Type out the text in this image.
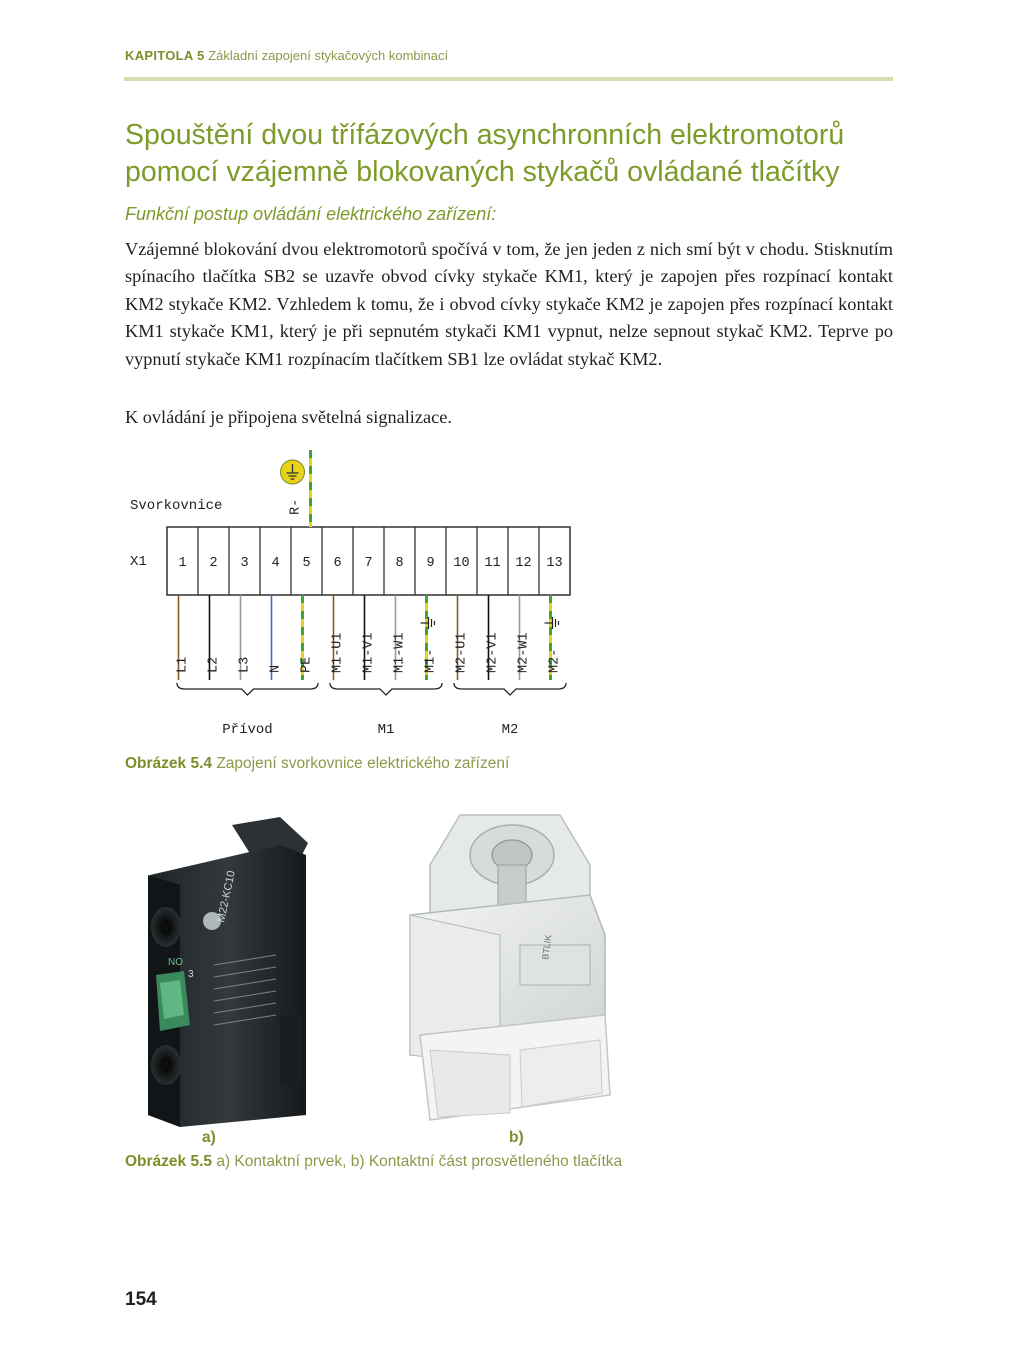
KAPITOLA 5 Základní zapojení stykačových kombinací
Spouštění dvou třífázových asynchronních elektromotorů
pomocí vzájemně blokovaných stykačů ovládané tlačítky
Funkční postup ovládání elektrického zařízení:
Vzájemné blokování dvou elektromotorů spočívá v tom, že jen jeden z nich smí být v chodu. Stisknutím spínacího tlačítka SB2 se uzavře obvod cívky stykače KM1, který je zapojen přes rozpínací kontakt KM2 stykače KM2. Vzhledem k tomu, že i obvod cívky stykače KM2 je zapojen přes rozpínací kontakt KM1 stykače KM1, který je při sepnutém stykači KM1 vypnut, nelze sepnout stykač KM2. Teprve po vypnutí stykače KM1 rozpínacím tlačítkem SB1 lze ovládat stykač KM2.
K ovládání je připojena světelná signalizace.
Svorkovnice
X1 1 2 3 4 5 6 7 8 9 10 11 12 13
L1 L2 L3 N PE M1-U1 M1-V1 M1-W1 M1- M2-U1 M2-V1 M2-W1 M2-
R-
Přívod	M1	M2
Obrázek 5.4 Zapojení svorkovnice elektrického zařízení
M22-KC10
NO
3
BTLIK
a)	b)
Obrázek 5.5 a) Kontaktní prvek, b) Kontaktní část prosvětleného tlačítka
154
